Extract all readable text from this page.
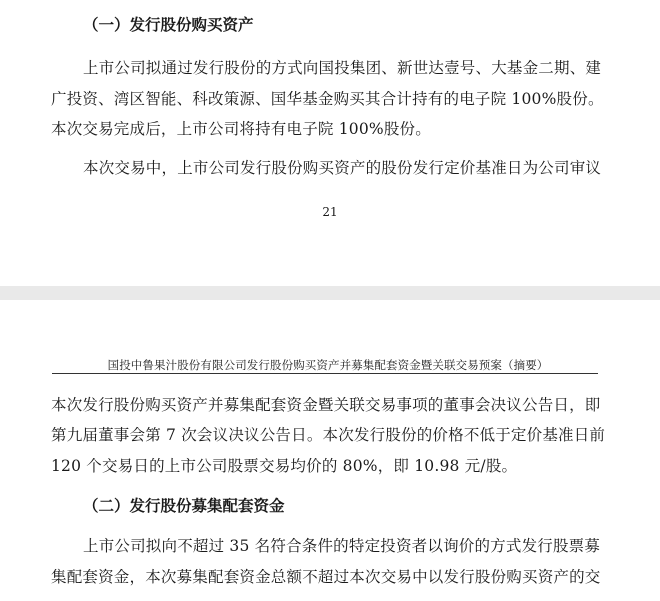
（一）发行股份购买资产
上市公司拟通过发行股份的方式向国投集团、新世达壹号、大基金二期、建
广投资、湾区智能、科改策源、国华基金购买其合计持有的电子院 100%股份。
本次交易完成后，上市公司将持有电子院 100%股份。
本次交易中，上市公司发行股份购买资产的股份发行定价基准日为公司审议
21
国投中鲁果汁股份有限公司发行股份购买资产并募集配套资金暨关联交易预案（摘要）
本次发行股份购买资产并募集配套资金暨关联交易事项的董事会决议公告日，即
第九届董事会第 7 次会议决议公告日。本次发行股份的价格不低于定价基准日前
120 个交易日的上市公司股票交易均价的 80%，即 10.98 元/股。
（二）发行股份募集配套资金
上市公司拟向不超过 35 名符合条件的特定投资者以询价的方式发行股票募
集配套资金，本次募集配套资金总额不超过本次交易中以发行股份购买资产的交
